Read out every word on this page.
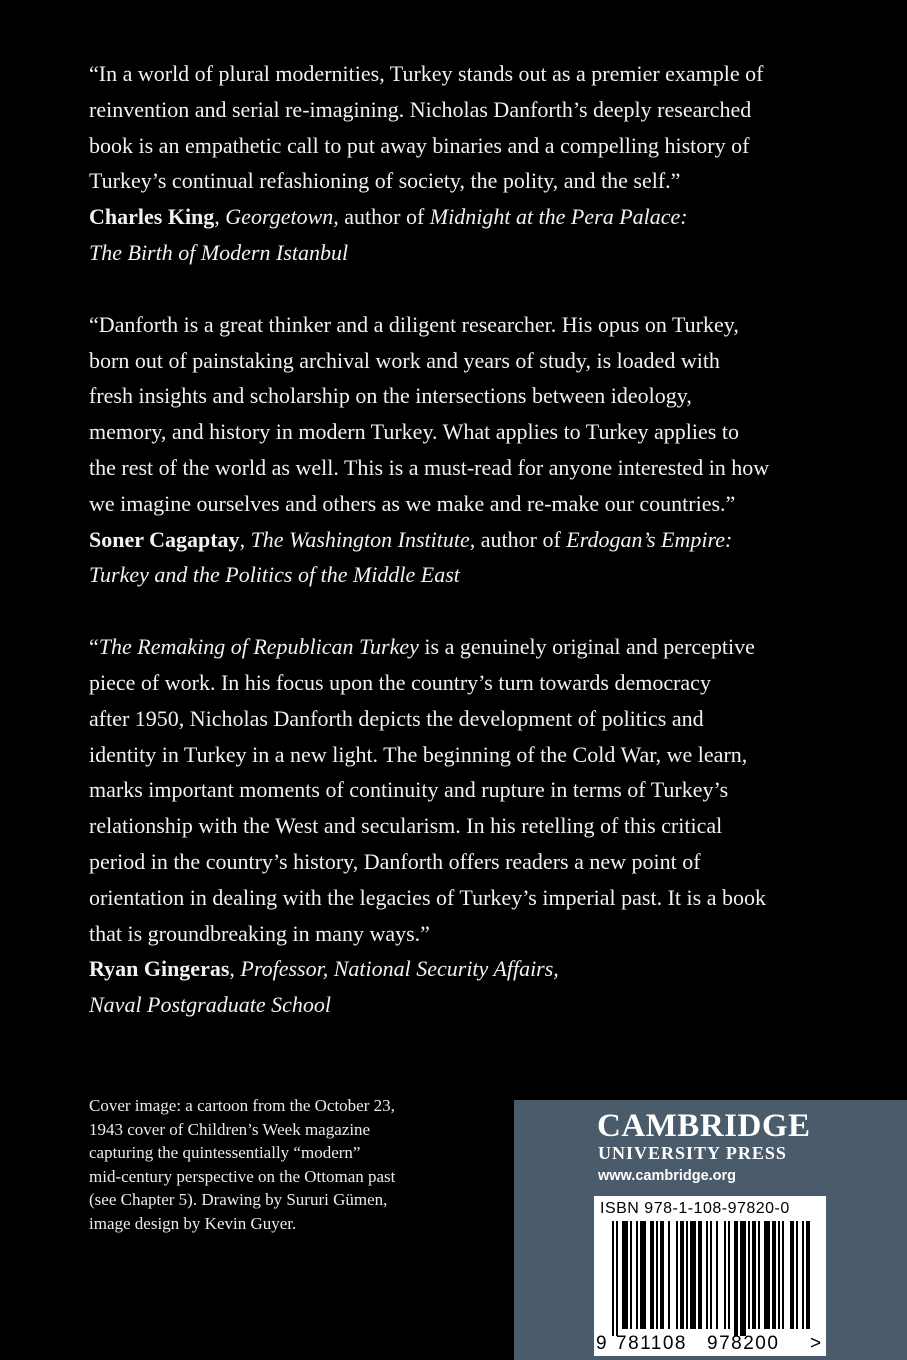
“In a world of plural modernities, Turkey stands out as a premier example of
reinvention and serial re-imagining. Nicholas Danforth’s deeply researched
book is an empathetic call to put away binaries and a compelling history of
Turkey’s continual refashioning of society, the polity, and the self.”

Charles King, Georgetown, author of Midnight at the Pera Palace:

The Birth of Modern Istanbul

“Danforth is a great thinker and a diligent researcher. His opus on Turkey,
born out of painstaking archival work and years of study, is loaded with
fresh insights and scholarship on the intersections between ideology,
memory, and history in modern Turkey. What applies to Turkey applies to
the rest of the world as well. This is a must-read for anyone interested in how
we imagine ourselves and others as we make and re-make our countries.”

Soner Cagaptay, The Washington Institute, author of Erdogan’s Empire:

Turkey and the Politics of the Middle East

“The Remaking of Republican Turkey is a genuinely original and perceptive
piece of work. In his focus upon the country’s turn towards democracy
after 1950, Nicholas Danforth depicts the development of politics and
identity in Turkey in a new light. The beginning of the Cold War, we learn,
marks important moments of continuity and rupture in terms of Turkey’s
relationship with the West and secularism. In his retelling of this critical
period in the country’s history, Danforth offers readers a new point of
orientation in dealing with the legacies of Turkey’s imperial past. It is a book
that is groundbreaking in many ways.”

Ryan Gingeras, Professor, National Security Affairs,

Naval Postgraduate School

Cover image: a cartoon from the October 23,
1943 cover of Children’s Week magazine
capturing the quintessentially “modern”
mid-century perspective on the Ottoman past
(see Chapter 5). Drawing by Sururi Gümen,
image design by Kevin Guyer.
CAMBRIDGE
UNIVERSITY PRESS
www.cambridge.org
ISBN 978-1-108-97820-0
9 781108 978200 >
